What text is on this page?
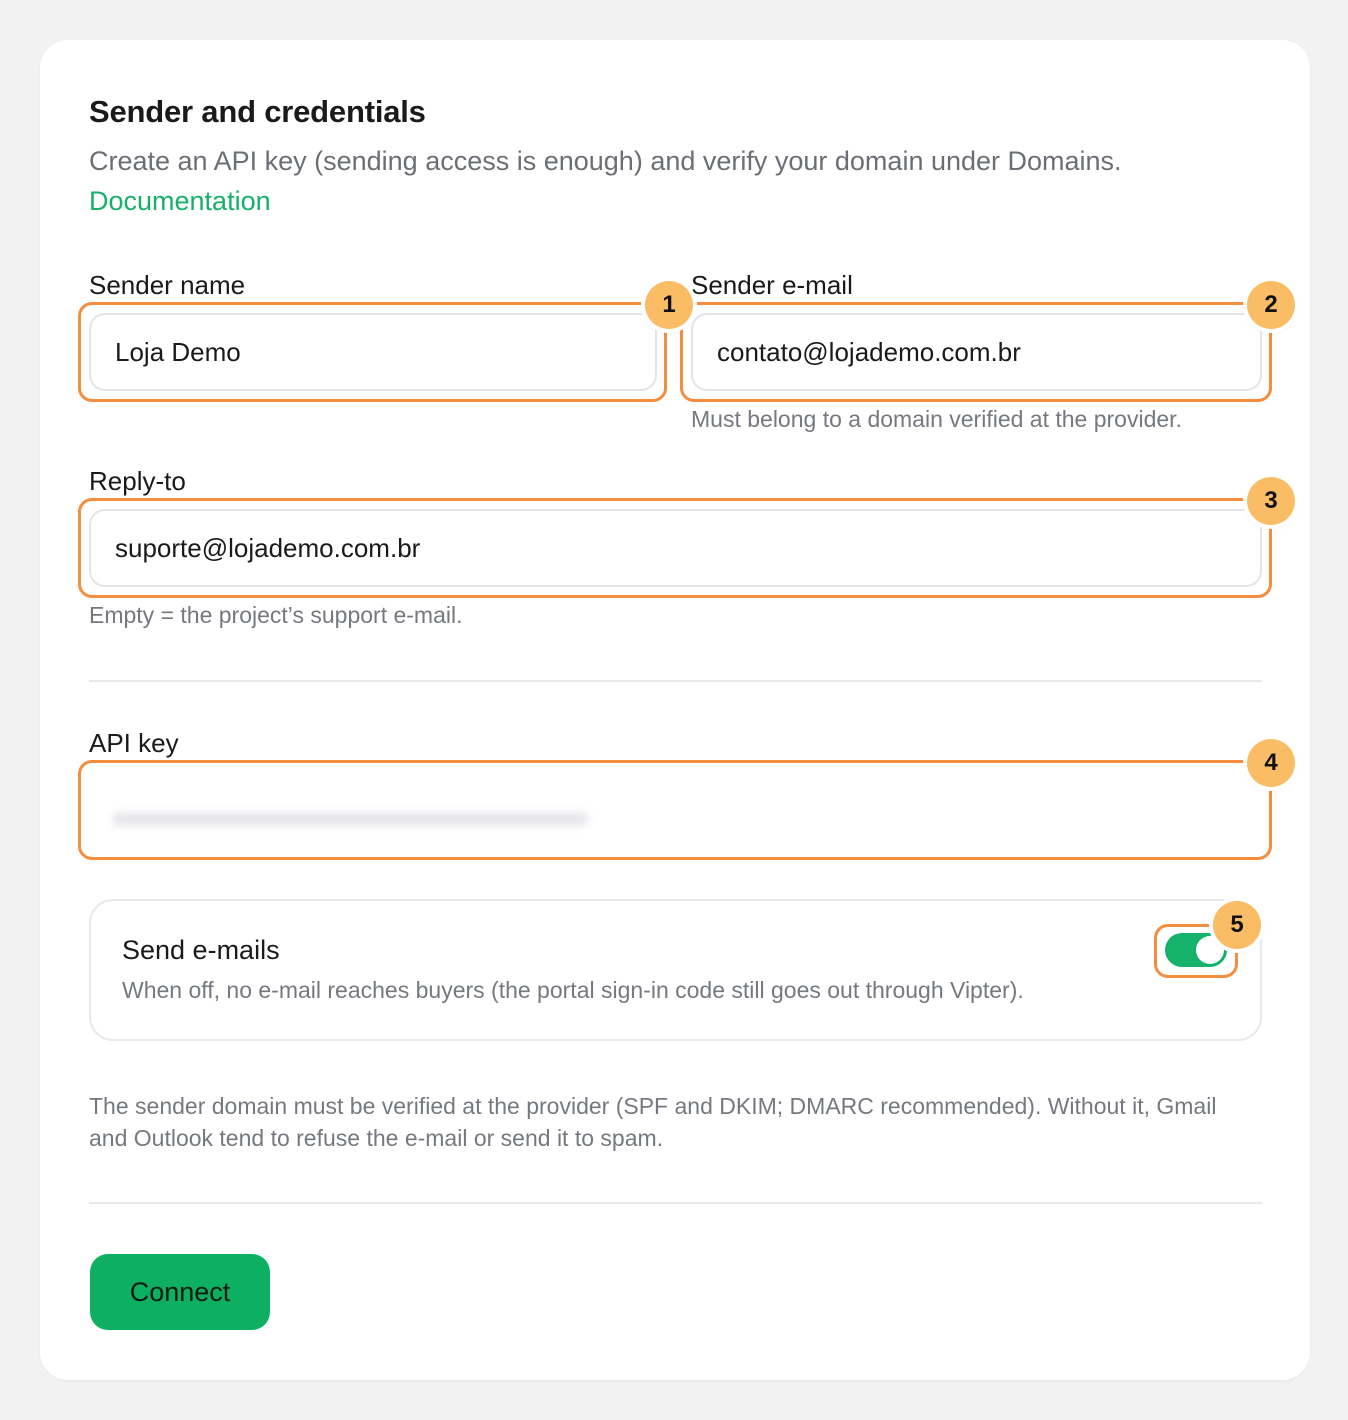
Sender and credentials
Create an API key (sending access is enough) and verify your domain under Domains.
Documentation
Sender name
Loja Demo	Sender e-mail
contato@lojademo.com.br
Must belong to a domain verified at the provider.
Reply-to
suporte@lojademo.com.br
Empty = the project’s support e-mail.
API key
Send e-mails
When off, no e-mail reaches buyers (the portal sign-in code still goes out through Vipter).
The sender domain must be verified at the provider (SPF and DKIM; DMARC recommended). Without it, Gmail and Outlook tend to refuse the e-mail or send it to spam.
Connect
1	2
3
4
5
